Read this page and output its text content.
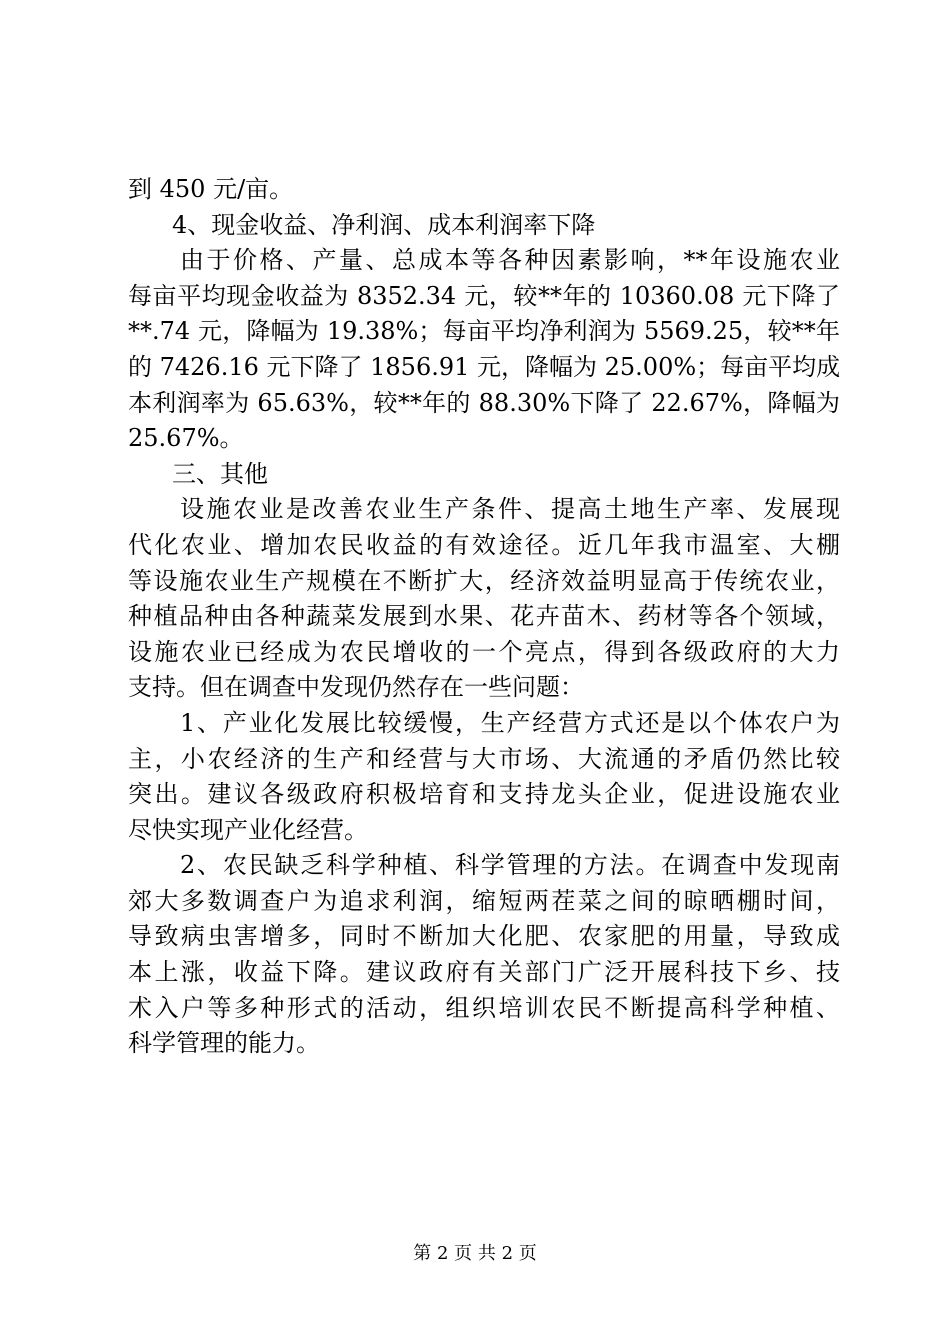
到 450 元/亩。
4、现金收益、净利润、成本利润率下降
由于价格、产量、总成本等各种因素影响，**年设施农业
每亩平均现金收益为 8352.34 元，较**年的 10360.08 元下降了
**.74 元，降幅为 19.38%；每亩平均净利润为 5569.25，较**年
的 7426.16 元下降了 1856.91 元，降幅为 25.00%；每亩平均成
本利润率为 65.63%，较**年的 88.30%下降了 22.67%，降幅为
25.67%。
三、其他
设施农业是改善农业生产条件、提高土地生产率、发展现
代化农业、增加农民收益的有效途径。近几年我市温室、大棚
等设施农业生产规模在不断扩大，经济效益明显高于传统农业，
种植品种由各种蔬菜发展到水果、花卉苗木、药材等各个领域，
设施农业已经成为农民增收的一个亮点，得到各级政府的大力
支持。但在调查中发现仍然存在一些问题：
1、产业化发展比较缓慢，生产经营方式还是以个体农户为
主，小农经济的生产和经营与大市场、大流通的矛盾仍然比较
突出。建议各级政府积极培育和支持龙头企业，促进设施农业
尽快实现产业化经营。
2、农民缺乏科学种植、科学管理的方法。在调查中发现南
郊大多数调查户为追求利润，缩短两茬菜之间的晾晒棚时间，
导致病虫害增多，同时不断加大化肥、农家肥的用量，导致成
本上涨，收益下降。建议政府有关部门广泛开展科技下乡、技
术入户等多种形式的活动，组织培训农民不断提高科学种植、
科学管理的能力。
第 2 页 共 2 页
